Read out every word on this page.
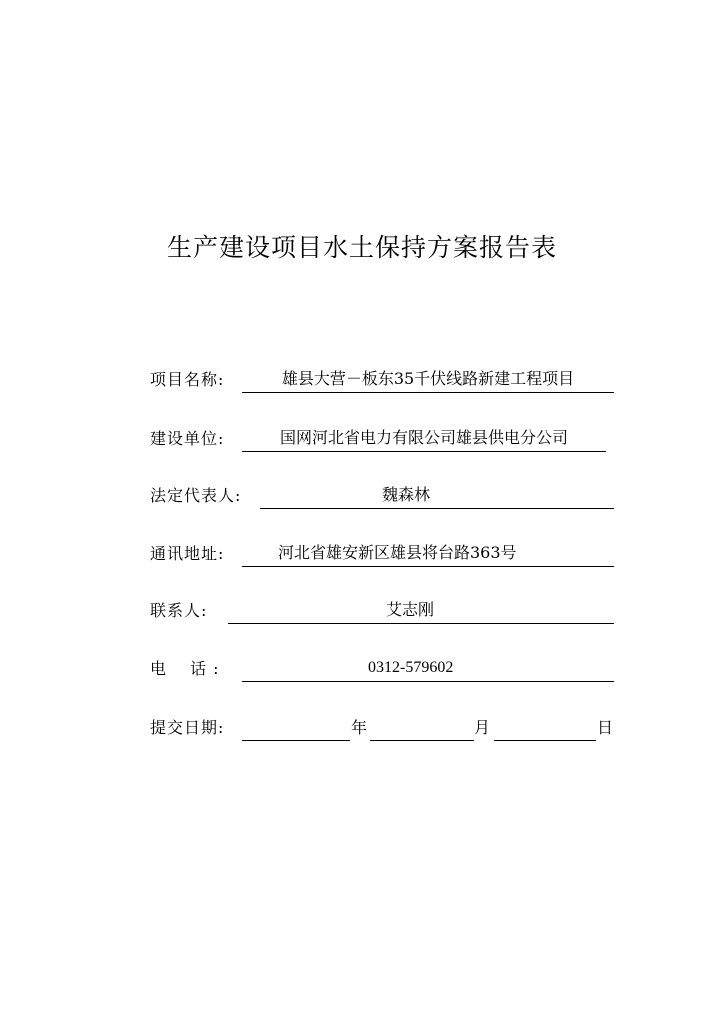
生产建设项目水土保持方案报告表
项目名称:	雄县大营－板东35千伏线路新建工程项目
建设单位:	国网河北省电力有限公司雄县供电分公司
法定代表人:	魏森林
通讯地址:	河北省雄安新区雄县将台路363号
联系人:	艾志刚
电　 话 :	0312-579602
提交日期:	年	月	日
